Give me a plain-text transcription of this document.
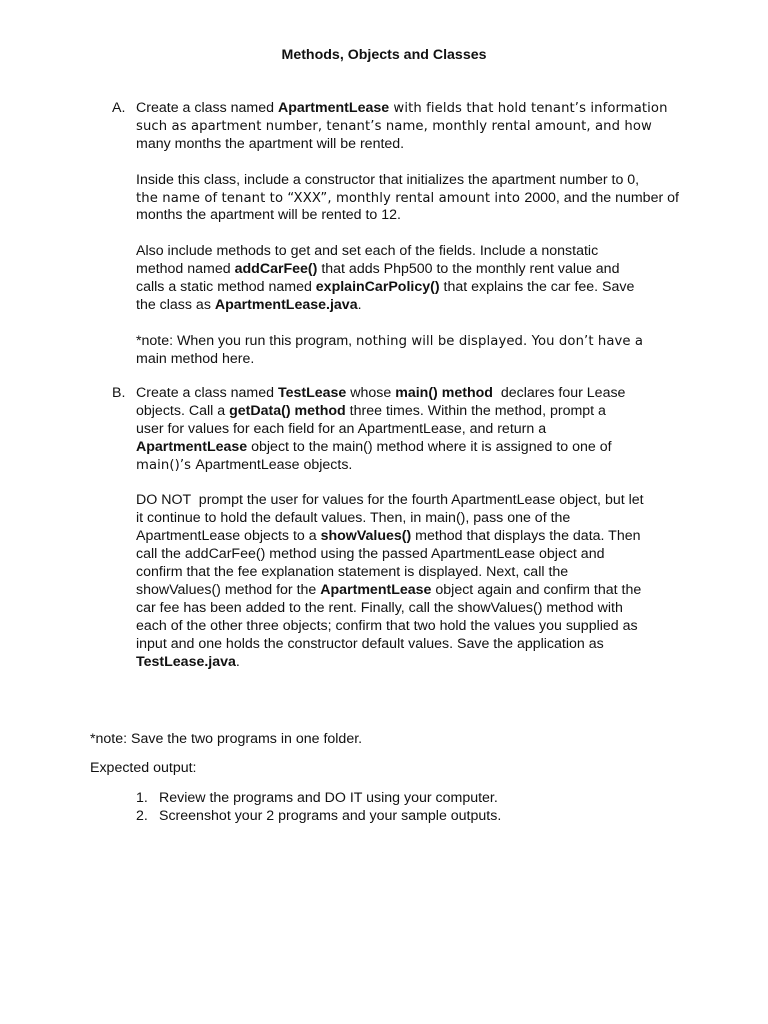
Methods, Objects and Classes
A. Create a class named ApartmentLease with fields that hold tenant’s information
such as apartment number, tenant’s name, monthly rental amount, and how
many months the apartment will be rented.

Inside this class, include a constructor that initializes the apartment number to 0,
the name of tenant to “XXX”, monthly rental amount into 2000, and the number of
months the apartment will be rented to 12.

Also include methods to get and set each of the fields. Include a nonstatic
method named addCarFee() that adds Php500 to the monthly rent value and
calls a static method named explainCarPolicy() that explains the car fee. Save
the class as ApartmentLease.java.

*note: When you run this program, nothing will be displayed. You don’t have a
main method here.

B. Create a class named TestLease whose main() method  declares four Lease
objects. Call a getData() method three times. Within the method, prompt a
user for values for each field for an ApartmentLease, and return a
ApartmentLease object to the main() method where it is assigned to one of
main()’s ApartmentLease objects.

DO NOT  prompt the user for values for the fourth ApartmentLease object, but let
it continue to hold the default values. Then, in main(), pass one of the
ApartmentLease objects to a showValues() method that displays the data. Then
call the addCarFee() method using the passed ApartmentLease object and
confirm that the fee explanation statement is displayed. Next, call the
showValues() method for the ApartmentLease object again and confirm that the
car fee has been added to the rent. Finally, call the showValues() method with
each of the other three objects; confirm that two hold the values you supplied as
input and one holds the constructor default values. Save the application as
TestLease.java.

*note: Save the two programs in one folder.
Expected output:
1. Review the programs and DO IT using your computer.
2. Screenshot your 2 programs and your sample outputs.
